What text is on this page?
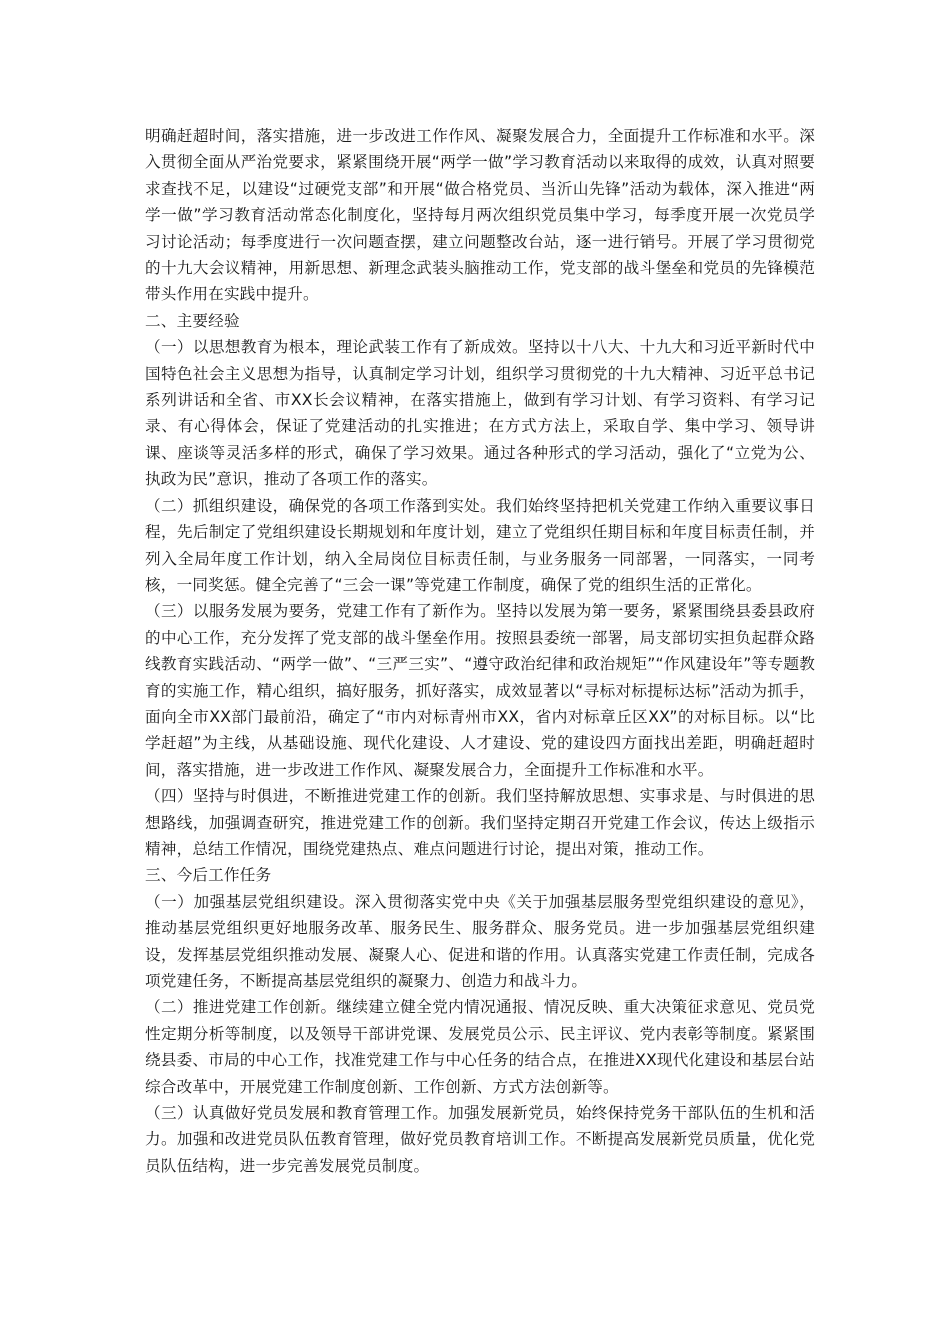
明确赶超时间，落实措施，进一步改进工作作风、凝聚发展合力，全面提升工作标准和水平。深入贯彻全面从严治党要求，紧紧围绕开展“两学一做”学习教育活动以来取得的成效，认真对照要求查找不足，以建设“过硬党支部”和开展“做合格党员、当沂山先锋”活动为载体，深入推进“两学一做”学习教育活动常态化制度化，坚持每月两次组织党员集中学习，每季度开展一次党员学习讨论活动；每季度进行一次问题查摆，建立问题整改台站，逐一进行销号。开展了学习贯彻党的十九大会议精神，用新思想、新理念武装头脑推动工作，党支部的战斗堡垒和党员的先锋模范带头作用在实践中提升。

二、主要经验

（一）以思想教育为根本，理论武装工作有了新成效。坚持以十八大、十九大和习近平新时代中国特色社会主义思想为指导，认真制定学习计划，组织学习贯彻党的十九大精神、习近平总书记系列讲话和全省、市XX长会议精神，在落实措施上，做到有学习计划、有学习资料、有学习记录、有心得体会，保证了党建活动的扎实推进；在方式方法上，采取自学、集中学习、领导讲课、座谈等灵活多样的形式，确保了学习效果。通过各种形式的学习活动，强化了“立党为公、执政为民”意识，推动了各项工作的落实。

（二）抓组织建设，确保党的各项工作落到实处。我们始终坚持把机关党建工作纳入重要议事日程，先后制定了党组织建设长期规划和年度计划，建立了党组织任期目标和年度目标责任制，并列入全局年度工作计划，纳入全局岗位目标责任制，与业务服务一同部署，一同落实，一同考核，一同奖惩。健全完善了“三会一课”等党建工作制度，确保了党的组织生活的正常化。

（三）以服务发展为要务，党建工作有了新作为。坚持以发展为第一要务，紧紧围绕县委县政府的中心工作，充分发挥了党支部的战斗堡垒作用。按照县委统一部署，局支部切实担负起群众路线教育实践活动、“两学一做”、“三严三实”、“遵守政治纪律和政治规矩”“作风建设年”等专题教育的实施工作，精心组织，搞好服务，抓好落实，成效显著以“寻标对标提标达标”活动为抓手，面向全市XX部门最前沿，确定了“市内对标青州市XX，省内对标章丘区XX”的对标目标。以“比学赶超”为主线，从基础设施、现代化建设、人才建设、党的建设四方面找出差距，明确赶超时间，落实措施，进一步改进工作作风、凝聚发展合力，全面提升工作标准和水平。

（四）坚持与时俱进，不断推进党建工作的创新。我们坚持解放思想、实事求是、与时俱进的思想路线，加强调查研究，推进党建工作的创新。我们坚持定期召开党建工作会议，传达上级指示精神，总结工作情况，围绕党建热点、难点问题进行讨论，提出对策，推动工作。

三、今后工作任务

（一）加强基层党组织建设。深入贯彻落实党中央《关于加强基层服务型党组织建设的意见》，推动基层党组织更好地服务改革、服务民生、服务群众、服务党员。进一步加强基层党组织建设，发挥基层党组织推动发展、凝聚人心、促进和谐的作用。认真落实党建工作责任制，完成各项党建任务，不断提高基层党组织的凝聚力、创造力和战斗力。

（二）推进党建工作创新。继续建立健全党内情况通报、情况反映、重大决策征求意见、党员党性定期分析等制度，以及领导干部讲党课、发展党员公示、民主评议、党内表彰等制度。紧紧围绕县委、市局的中心工作，找准党建工作与中心任务的结合点，在推进XX现代化建设和基层台站综合改革中，开展党建工作制度创新、工作创新、方式方法创新等。

（三）认真做好党员发展和教育管理工作。加强发展新党员，始终保持党务干部队伍的生机和活力。加强和改进党员队伍教育管理，做好党员教育培训工作。不断提高发展新党员质量，优化党员队伍结构，进一步完善发展党员制度。
